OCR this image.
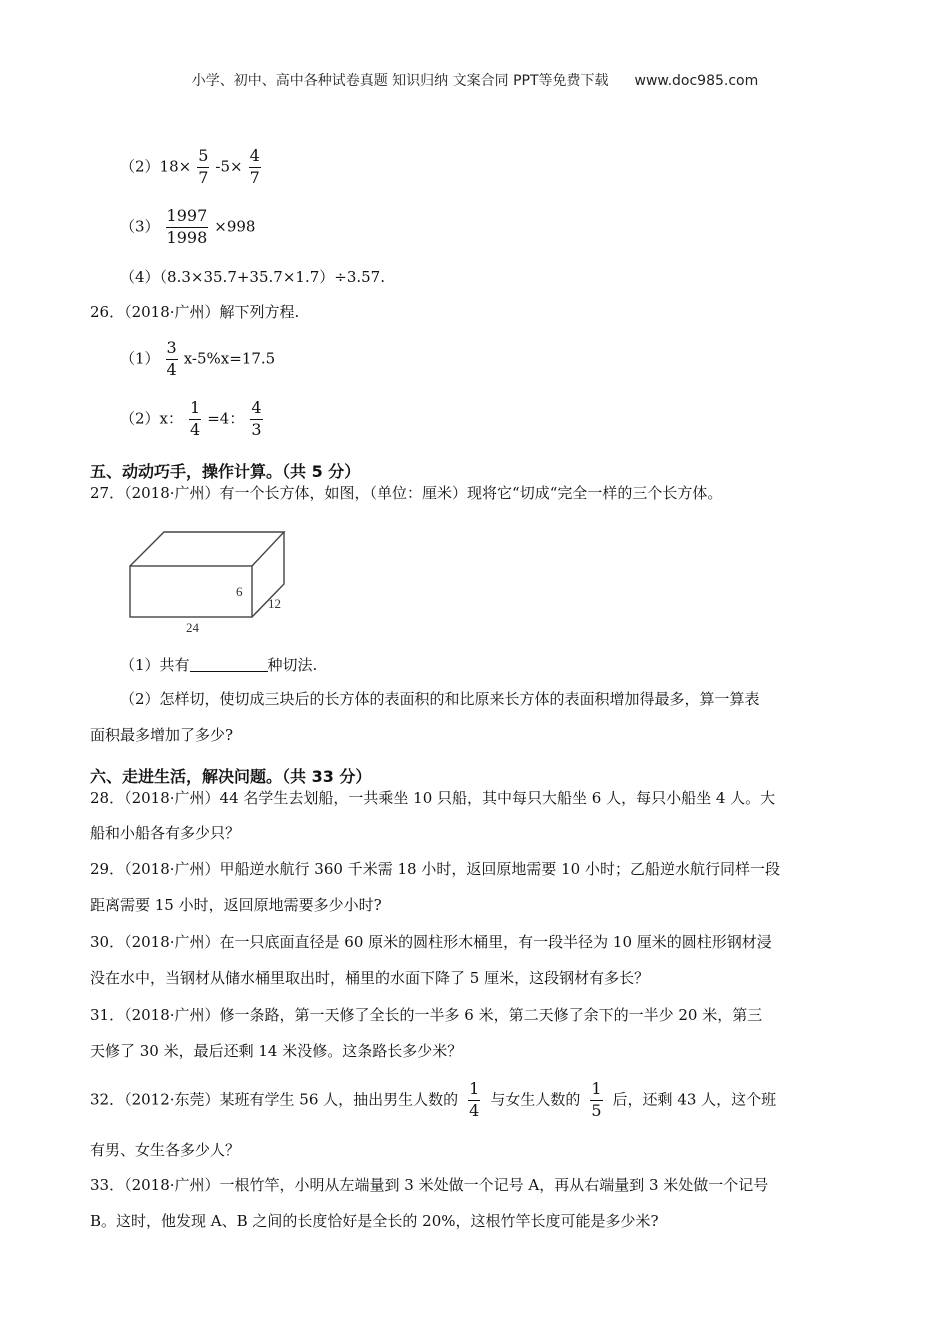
小学、初中、高中各种试卷真题 知识归纳 文案合同 PPT等免费下载 www.doc985.com
$(2)18\times \frac{5}{7} -5\times \frac{4}{7}$
$(3) \frac{1997}{1998} \times 998$
（4）（8.3×35.7+35.7×1.7）÷3.57.
26．（2018·广州）解下列方程.
$(1) \frac{3}{4} x-5\%x=17.5$
（2）x： $\frac{1}{4} =4$： $\frac{4}{3}$
五、动动巧手，操作计算。（共 5 分）
27．（2018·广州）有一个长方体，如图，（单位：厘米）现将它“切成“完全一样的三个长方体。
6
12
24
（1）共有	种切法.
（2）怎样切，使切成三块后的长方体的表面积的和比原来长方体的表面积增加得最多，算一算表
面积最多增加了多少?
六、走进生活，解决问题。（共 33 分）
28．（2018·广州）44 名学生去划船，一共乘坐 10 只船，其中每只大船坐 6 人，每只小船坐 4 人。大
船和小船各有多少只？
29．（2018·广州）甲船逆水航行 360 千米需 18 小时，返回原地需要 10 小时；乙船逆水航行同样一段
距离需要 15 小时，返回原地需要多少小时?
30．（2018·广州）在一只底面直径是 60 原米的圆柱形木桶里，有一段半径为 10 厘米的圆柱形钢材浸
没在水中，当钢材从储水桶里取出时，桶里的水面下降了 5 厘米，这段钢材有多长？
31．（2018·广州）修一条路，第一天修了全长的一半多 6 米，第二天修了余下的一半少 20 米，第三
天修了 30 米，最后还剩 14 米没修。这条路长多少米？
32．（2012·东莞）某班有学生 56 人，抽出男生人数的 $\frac{1}{4}$ 与女生人数的 $\frac{1}{5}$ 后，还剩 43 人，这个班
有男、女生各多少人？
33．（2018·广州）一根竹竿，小明从左端量到 3 米处做一个记号 A，再从右端量到 3 米处做一个记号
B。这时，他发现 A、B 之间的长度恰好是全长的 20%，这根竹竿长度可能是多少米?
